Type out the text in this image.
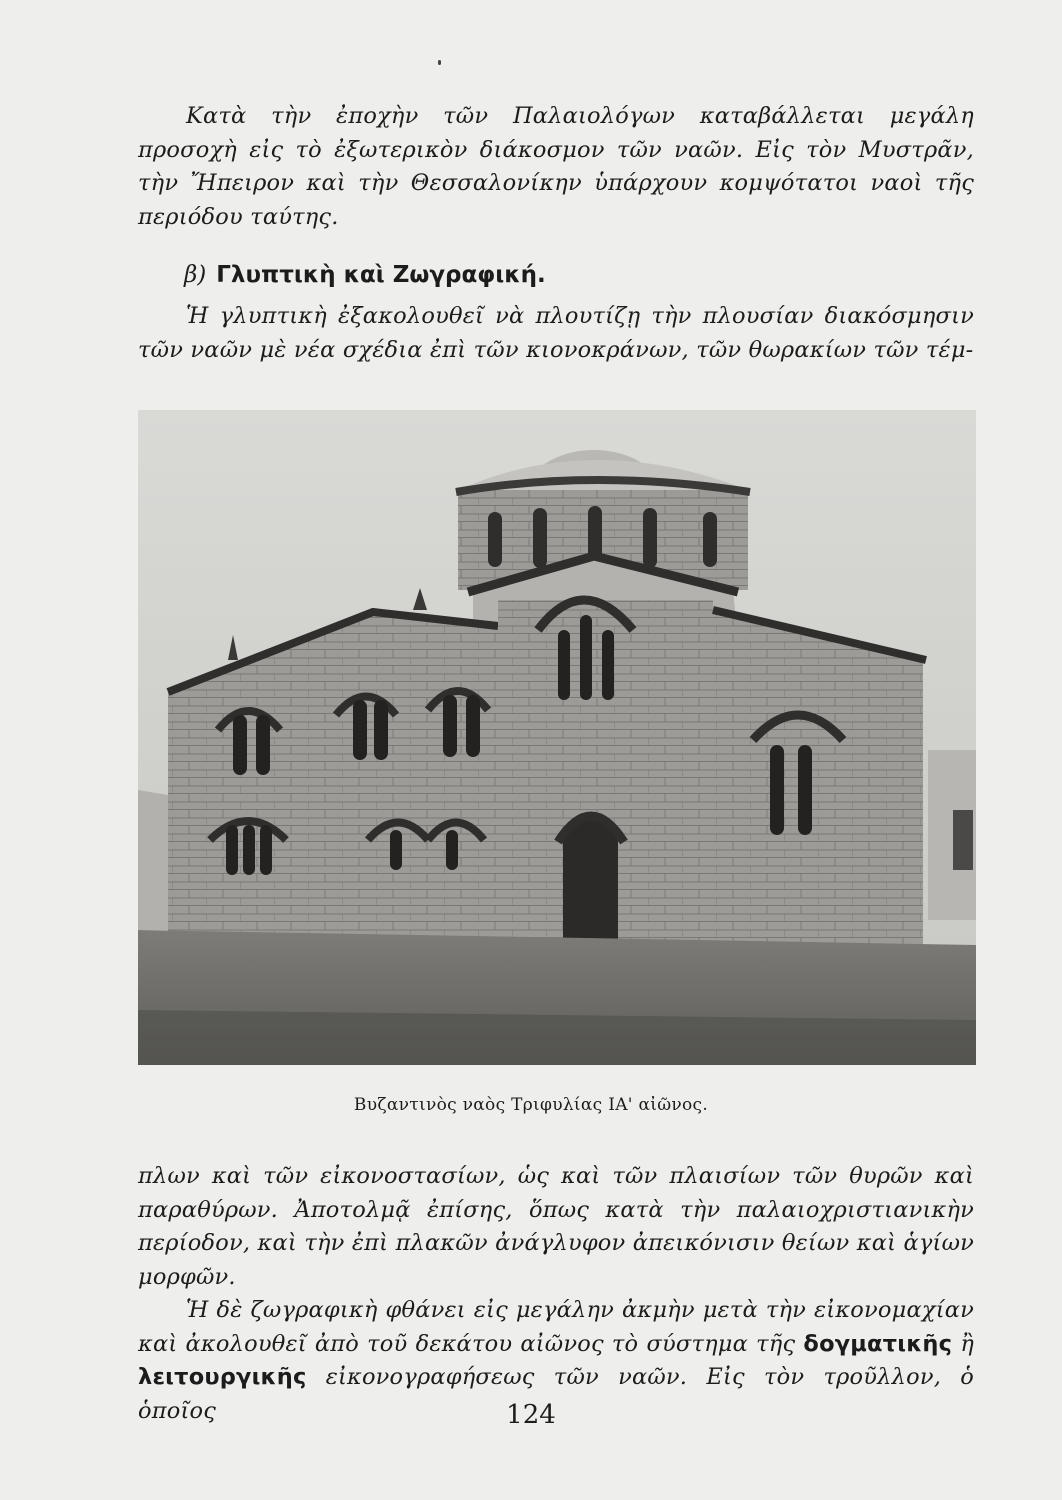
Κατὰ τὴν ἐποχὴν τῶν Παλαιολόγων καταβάλλεται μεγάλη προσοχὴ εἰς τὸ ἐξωτερικὸν διάκοσμον τῶν ναῶν. Εἰς τὸν Μυστρᾶν, τὴν Ἤπειρον καὶ τὴν Θεσσαλονίκην ὑπάρχουν κομψότατοι ναοὶ τῆς περιόδου ταύτης.

β) Γλυπτικὴ καὶ Ζωγραφική.

Ἡ γλυπτικὴ ἐξακολουθεῖ νὰ πλουτίζῃ τὴν πλουσίαν διακόσμησιν τῶν ναῶν μὲ νέα σχέδια ἐπὶ τῶν κιονοκράνων, τῶν θωρακίων τῶν τέμ-

Βυζαντινὸς ναὸς Τριφυλίας ΙΑ' αἰῶνος.
πλων καὶ τῶν εἰκονοστασίων, ὡς καὶ τῶν πλαισίων τῶν θυρῶν καὶ παραθύρων. Ἀποτολμᾷ ἐπίσης, ὅπως κατὰ τὴν παλαιοχριστιανικὴν περίοδον, καὶ τὴν ἐπὶ πλακῶν ἀνάγλυφον ἀπεικόνισιν θείων καὶ ἁγίων μορφῶν.
Ἡ δὲ ζωγραφικὴ φθάνει εἰς μεγάλην ἀκμὴν μετὰ τὴν εἰκονομαχίαν καὶ ἀκολουθεῖ ἀπὸ τοῦ δεκάτου αἰῶνος τὸ σύστημα τῆς δογματικῆς ἢ λειτουργικῆς εἰκονογραφήσεως τῶν ναῶν. Εἰς τὸν τροῦλλον, ὁ ὁποῖος	124
